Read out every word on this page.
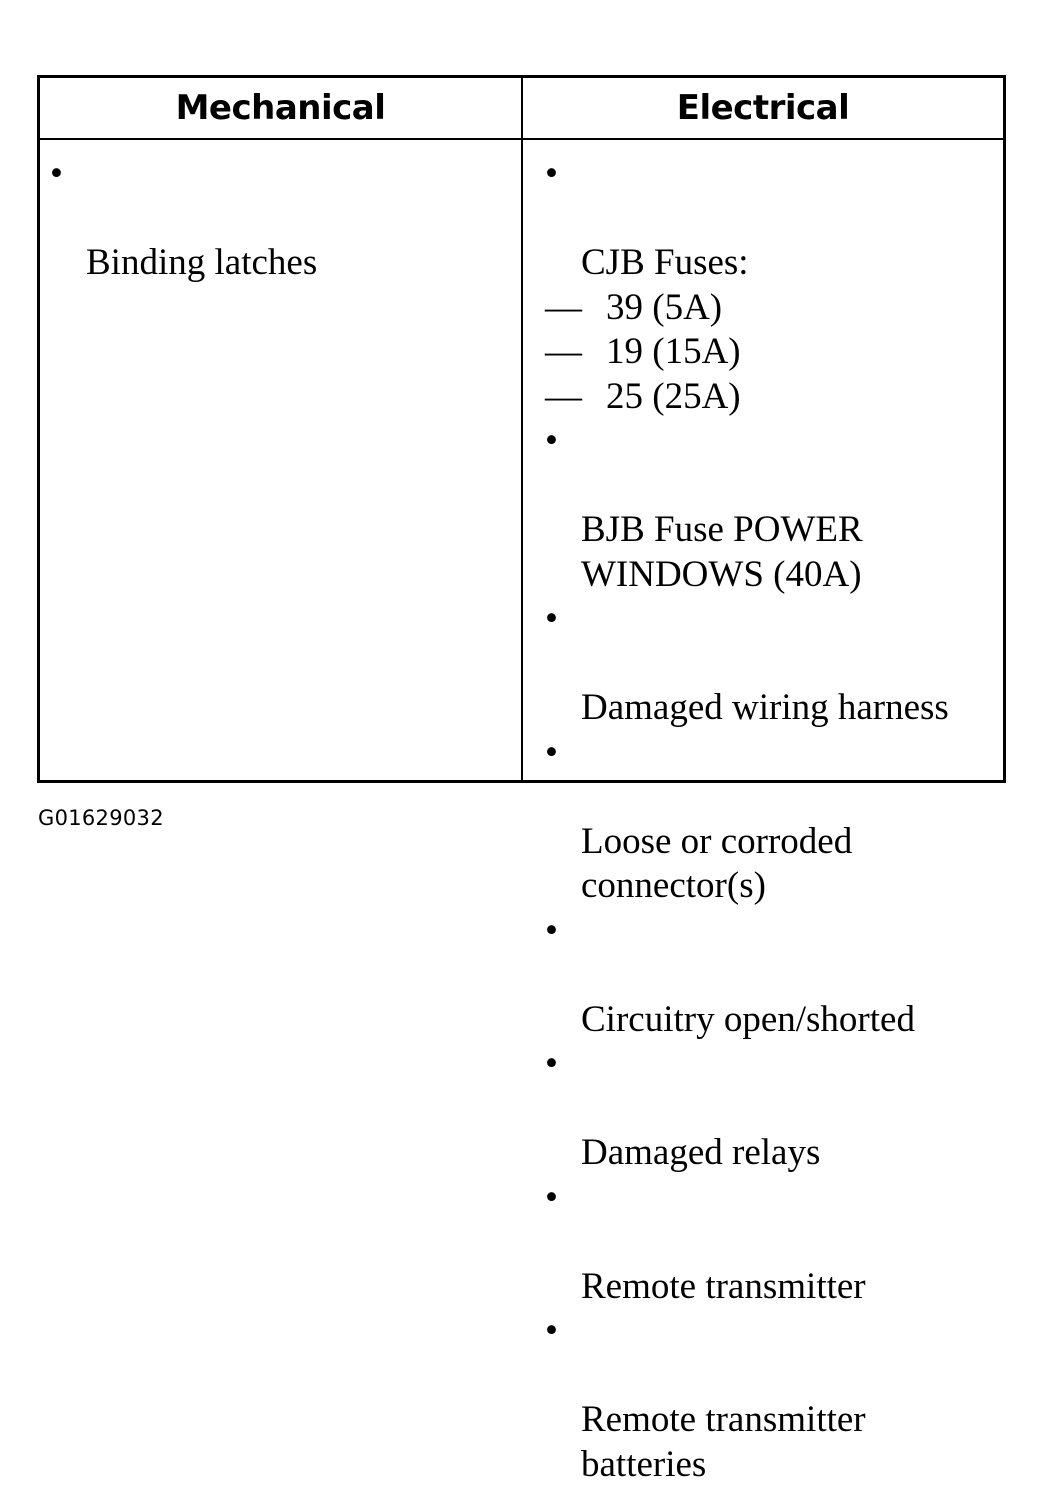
Mechanical	Electrical

•

Binding latches

•

CJB Fuses:

— 39 (5A)
— 19 (15A)
— 25 (25A)

•

BJB Fuse POWER
WINDOWS (40A)

•

Damaged wiring harness

•

Loose or corroded
connector(s)

•

Circuitry open/shorted

•

Damaged relays

•

Remote transmitter

•

Remote transmitter
batteries

G01629032
